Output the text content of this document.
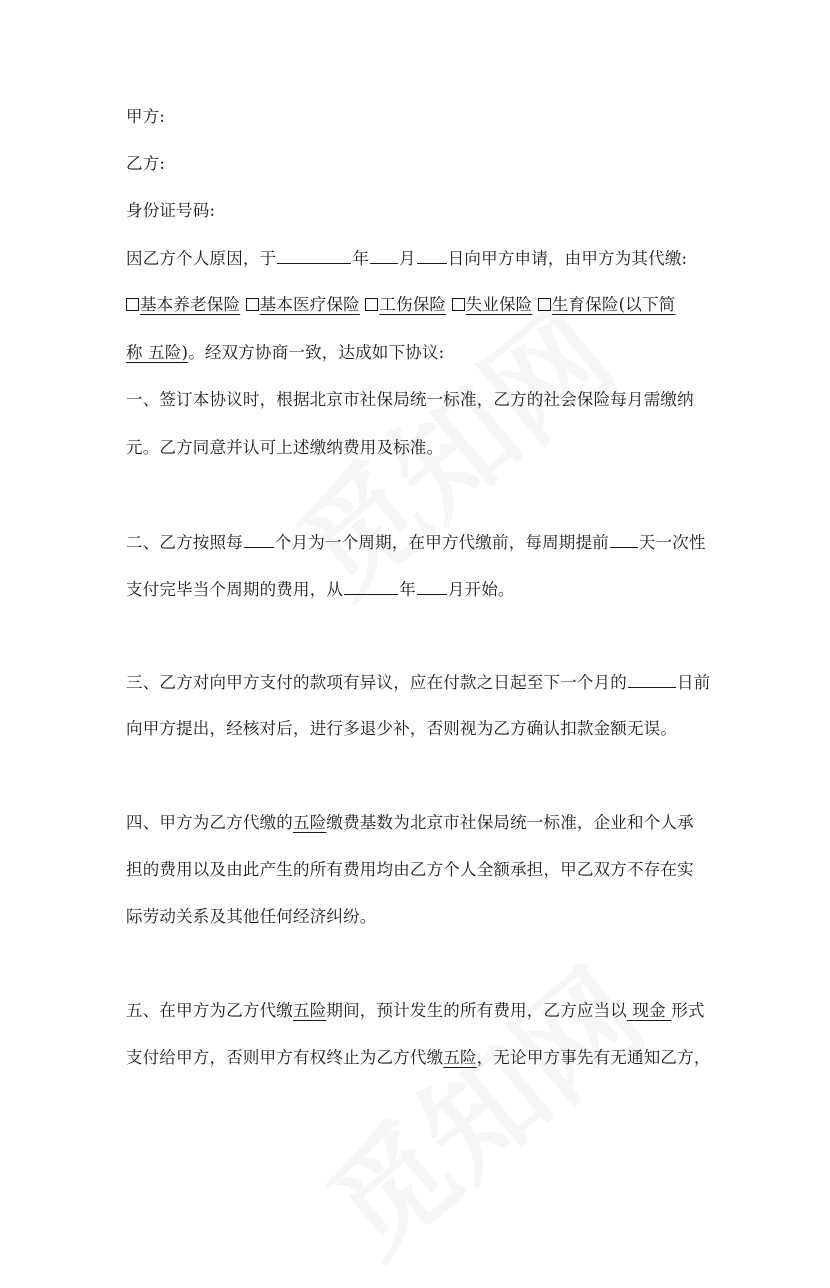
甲方:
乙方:
身份证号码:
因乙方个人原因，于	年 月 日向甲方申请，由甲方为其代缴:
基本养老保险 基本医疗保险 工伤保险 失业保险 生育保险(以下简
称 五险)。经双方协商一致，达成如下协议:
一、签订本协议时，根据北京市社保局统一标准，乙方的社会保险每月需缴纳
元。乙方同意并认可上述缴纳费用及标准。
二、乙方按照每 个月为一个周期，在甲方代缴前，每周期提前 天一次性
支付完毕当个周期的费用，从	年 月开始。
三、乙方对向甲方支付的款项有异议，应在付款之日起至下一个月的	日前
向甲方提出，经核对后，进行多退少补，否则视为乙方确认扣款金额无误。
四、甲方为乙方代缴的五险缴费基数为北京市社保局统一标准，企业和个人承
担的费用以及由此产生的所有费用均由乙方个人全额承担，甲乙双方不存在实
际劳动关系及其他任何经济纠纷。
五、在甲方为乙方代缴五险期间，预计发生的所有费用，乙方应当以 现金 形式
支付给甲方，否则甲方有权终止为乙方代缴五险，无论甲方事先有无通知乙方，
